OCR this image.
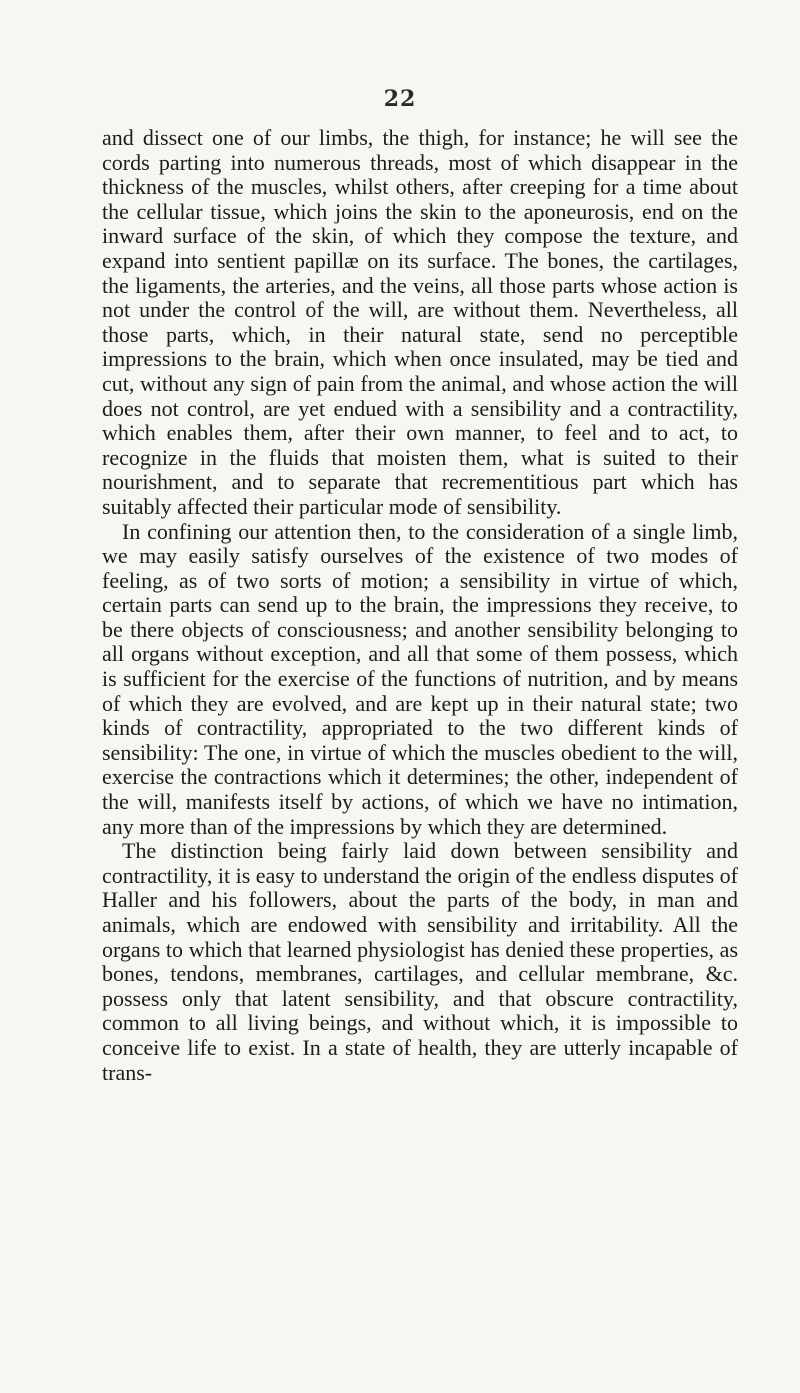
22

and dissect one of our limbs, the thigh, for instance; he will see the cords parting into numerous threads, most of which disappear in the thickness of the muscles, whilst others, after creeping for a time about the cellular tissue, which joins the skin to the aponeurosis, end on the inward surface of the skin, of which they compose the texture, and expand into sentient papillæ on its surface. The bones, the cartilages, the ligaments, the arteries, and the veins, all those parts whose action is not under the control of the will, are without them. Nevertheless, all those parts, which, in their natural state, send no perceptible impressions to the brain, which when once insulated, may be tied and cut, without any sign of pain from the animal, and whose action the will does not control, are yet endued with a sensibility and a contractility, which enables them, after their own manner, to feel and to act, to recognize in the fluids that moisten them, what is suited to their nourishment, and to separate that recrementitious part which has suitably affected their particular mode of sensibility.

In confining our attention then, to the consideration of a single limb, we may easily satisfy ourselves of the existence of two modes of feeling, as of two sorts of motion; a sensibility in virtue of which, certain parts can send up to the brain, the impressions they receive, to be there objects of consciousness; and another sensibility belonging to all organs without exception, and all that some of them possess, which is sufficient for the exercise of the functions of nutrition, and by means of which they are evolved, and are kept up in their natural state; two kinds of contractility, appropriated to the two different kinds of sensibility: The one, in virtue of which the muscles obedient to the will, exercise the contractions which it determines; the other, independent of the will, manifests itself by actions, of which we have no intimation, any more than of the impressions by which they are determined.

The distinction being fairly laid down between sensibility and contractility, it is easy to understand the origin of the endless disputes of Haller and his followers, about the parts of the body, in man and animals, which are endowed with sensibility and irritability. All the organs to which that learned physiologist has denied these properties, as bones, tendons, membranes, cartilages, and cellular membrane, &c. possess only that latent sensibility, and that obscure contractility, common to all living beings, and without which, it is impossible to conceive life to exist. In a state of health, they are utterly incapable of trans-
